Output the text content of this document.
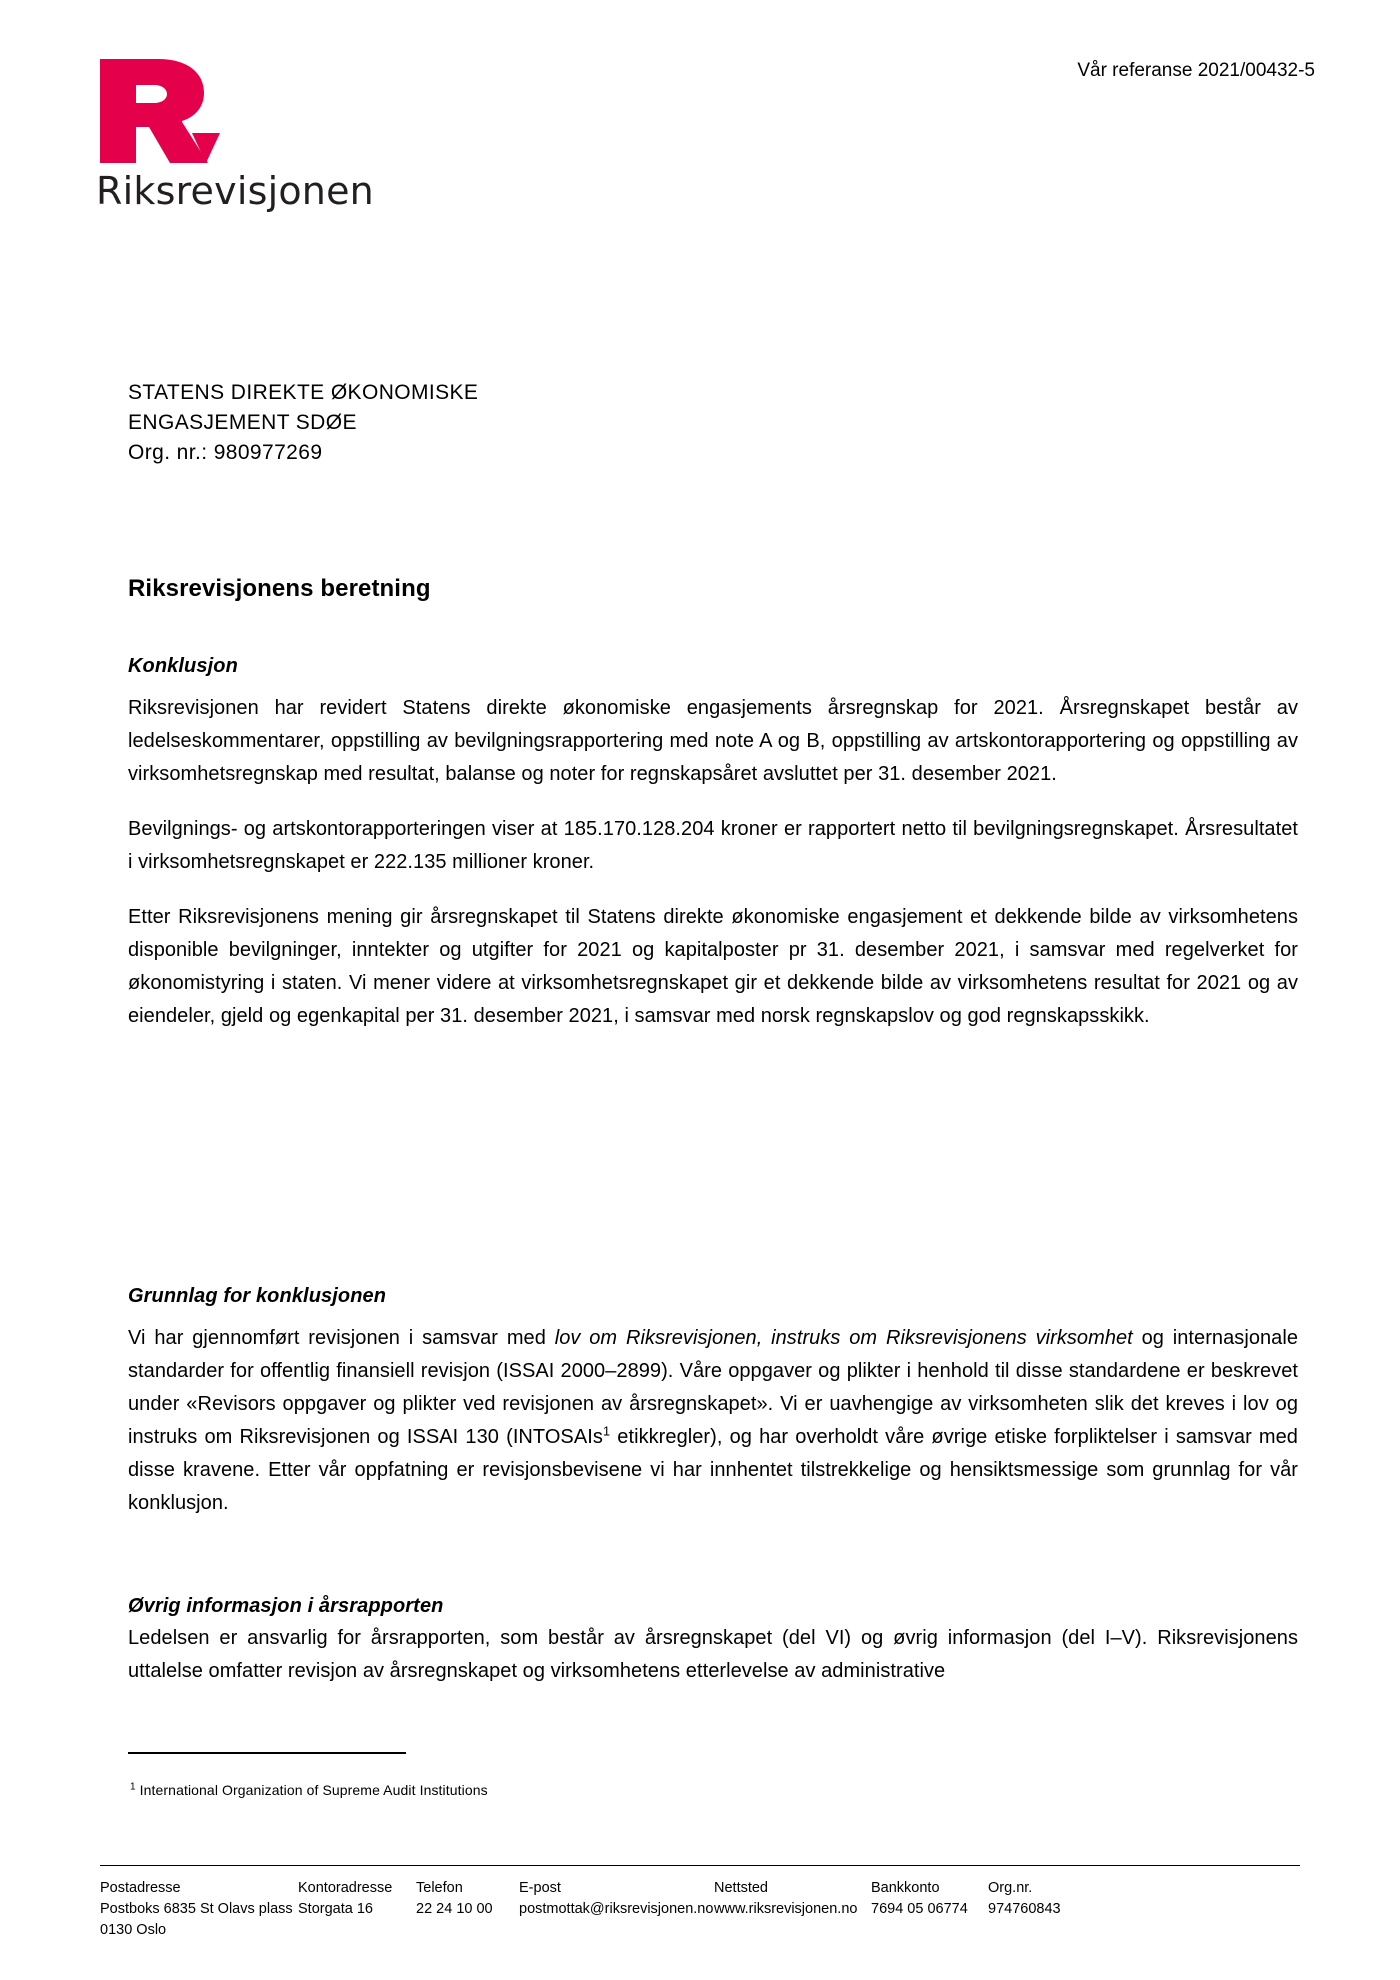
Riksrevisjonen
Vår referanse 2021/00432-5
STATENS DIREKTE ØKONOMISKE
ENGASJEMENT SDØE
Org. nr.: 980977269
Riksrevisjonens beretning
Konklusjon

Riksrevisjonen har revidert Statens direkte økonomiske engasjements årsregnskap for 2021. Årsregnskapet består av ledelseskommentarer, oppstilling av bevilgningsrapportering med note A og B, oppstilling av artskontorapportering og oppstilling av virksomhetsregnskap med resultat, balanse og noter for regnskapsåret avsluttet per 31. desember 2021.

Bevilgnings- og artskontorapporteringen viser at 185.170.128.204 kroner er rapportert netto til bevilgningsregnskapet. Årsresultatet i virksomhetsregnskapet er 222.135 millioner kroner.

Etter Riksrevisjonens mening gir årsregnskapet til Statens direkte økonomiske engasjement et dekkende bilde av virksomhetens disponible bevilgninger, inntekter og utgifter for 2021 og kapitalposter pr 31. desember 2021, i samsvar med regelverket for økonomistyring i staten. Vi mener videre at virksomhetsregnskapet gir et dekkende bilde av virksomhetens resultat for 2021 og av eiendeler, gjeld og egenkapital per 31. desember 2021, i samsvar med norsk regnskapslov og god regnskapsskikk.

Grunnlag for konklusjonen

Vi har gjennomført revisjonen i samsvar med lov om Riksrevisjonen, instruks om Riksrevisjonens virksomhet og internasjonale standarder for offentlig finansiell revisjon (ISSAI 2000–2899). Våre oppgaver og plikter i henhold til disse standardene er beskrevet under «Revisors oppgaver og plikter ved revisjonen av årsregnskapet». Vi er uavhengige av virksomheten slik det kreves i lov og instruks om Riksrevisjonen og ISSAI 130 (INTOSAIs$^1$ etikkregler), og har overholdt våre øvrige etiske forpliktelser i samsvar med disse kravene. Etter vår oppfatning er revisjonsbevisene vi har innhentet tilstrekkelige og hensiktsmessige som grunnlag for vår konklusjon.

Øvrig informasjon i årsrapporten

Ledelsen er ansvarlig for årsrapporten, som består av årsregnskapet (del VI) og øvrig informasjon (del I–V). Riksrevisjonens uttalelse omfatter revisjon av årsregnskapet og virksomhetens etterlevelse av administrative

$^1$ International Organization of Supreme Audit Institutions
Postadresse
Postboks 6835 St Olavs plass
0130 Oslo
Kontoradresse
Storgata 16
Telefon
22 24 10 00
E-post
postmottak@riksrevisjonen.no
Nettsted
www.riksrevisjonen.no
Bankkonto
7694 05 06774
Org.nr.
974760843
